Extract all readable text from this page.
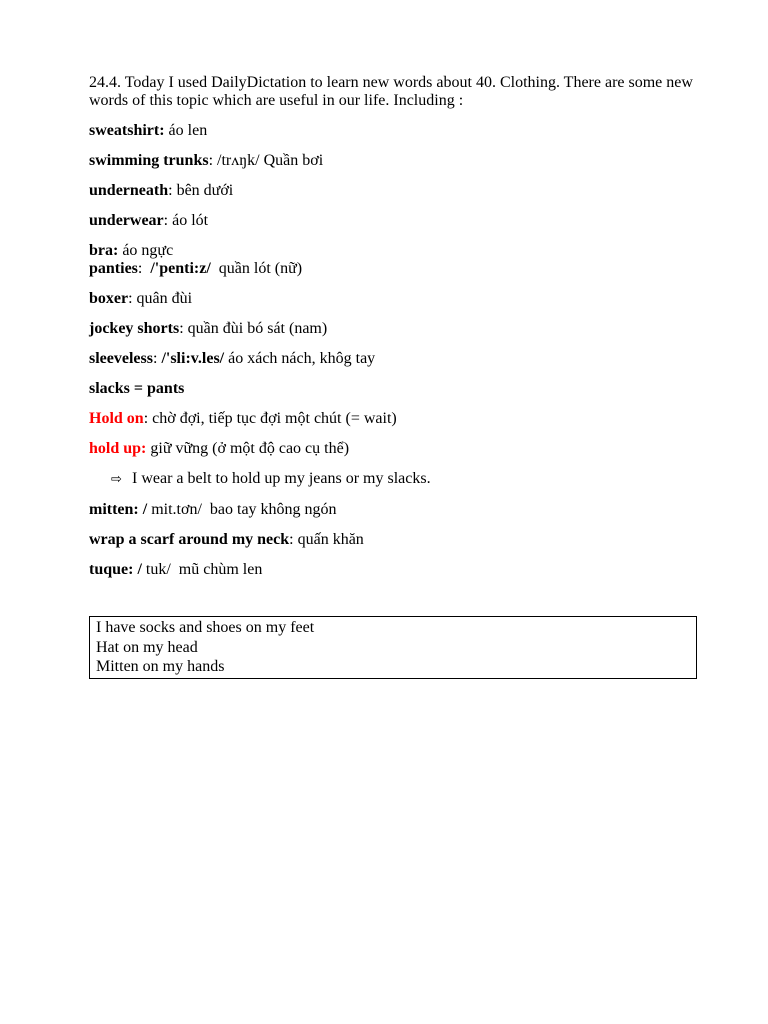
24.4. Today I used DailyDictation to learn new words about 40. Clothing. There are some new words of this topic which are useful in our life. Including :

sweatshirt: áo len
swimming trunks: /trʌŋk/ Quần bơi
underneath: bên dưới
underwear: áo lót
bra: áo ngực
panties:  /'penti:z/  quần lót (nữ)
boxer: quân đùi
jockey shorts: quần đùi bó sát (nam)
sleeveless: /'sli:v.les/ áo xách nách, khôg tay
slacks = pants
Hold on: chờ đợi, tiếp tục đợi một chút (= wait)
hold up: giữ vững (ở một độ cao cụ thể)
⇨ I wear a belt to hold up my jeans or my slacks.
mitten: / mit.tơn/  bao tay không ngón
wrap a scarf around my neck: quấn khăn
tuque: / tuk/  mũ chùm len
I have socks and shoes on my feet
Hat on my head
Mitten on my hands
